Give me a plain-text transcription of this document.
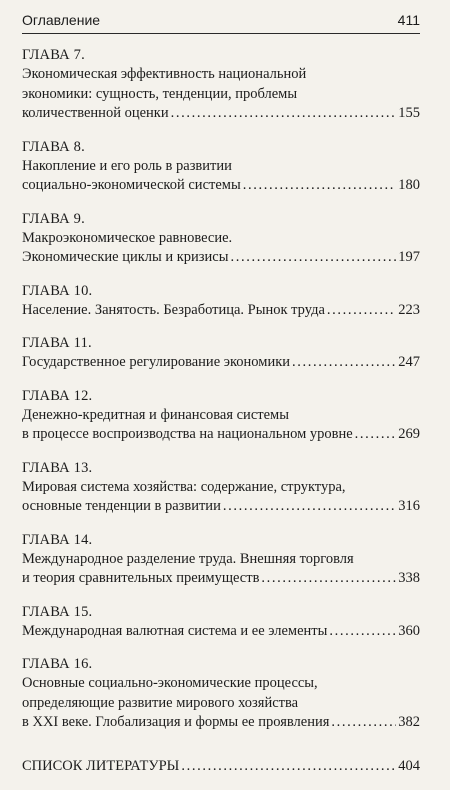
Оглавление	411
ГЛАВА 7.
Экономическая эффективность национальной
экономики: сущность, тенденции, проблемы
количественной оценки . . .	155
ГЛАВА 8.
Накопление и его роль в развитии
социально-экономической системы . . .	180
ГЛАВА 9.
Макроэкономическое равновесие.
Экономические циклы и кризисы . . .	197
ГЛАВА 10.
Население. Занятость. Безработица. Рынок труда . . .	223
ГЛАВА 11.
Государственное регулирование экономики . . .	247
ГЛАВА 12.
Денежно-кредитная и финансовая системы
в процессе воспроизводства на национальном уровне . . .	269
ГЛАВА 13.
Мировая система хозяйства: содержание, структура,
основные тенденции в развитии . . .	316
ГЛАВА 14.
Международное разделение труда. Внешняя торговля
и теория сравнительных преимуществ . . .	338
ГЛАВА 15.
Международная валютная система и ее элементы . . .	360
ГЛАВА 16.
Основные социально-экономические процессы,
определяющие развитие мирового хозяйства
в XXI веке. Глобализация и формы ее проявления . . .	382
СПИСОК ЛИТЕРАТУРЫ . . .	404
